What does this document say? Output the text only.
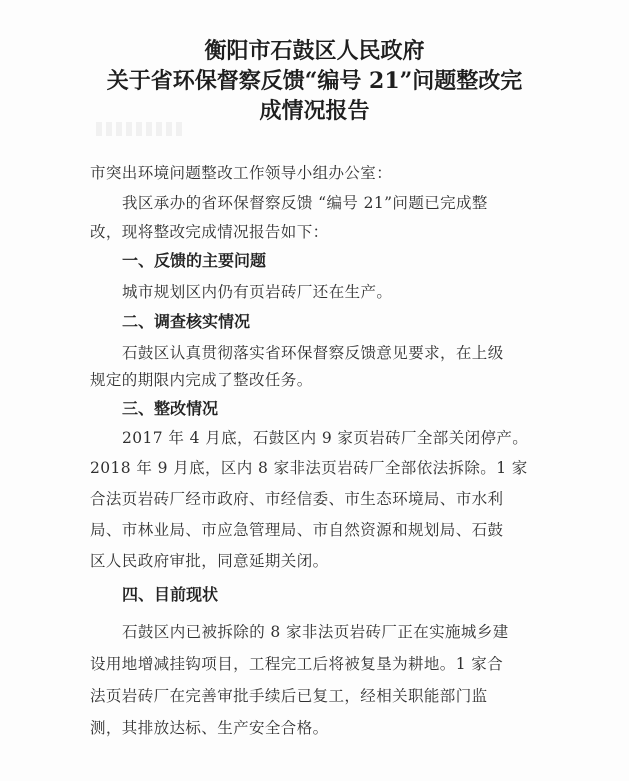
衡阳市石鼓区人民政府
关于省环保督察反馈“编号 21”问题整改完
成情况报告
市突出环境问题整改工作领导小组办公室：
我区承办的省环保督察反馈 “编号 21”问题已完成整
改，现将整改完成情况报告如下：
一、反馈的主要问题
城市规划区内仍有页岩砖厂还在生产。
二、调查核实情况
石鼓区认真贯彻落实省环保督察反馈意见要求，在上级
规定的期限内完成了整改任务。
三、整改情况
2017 年 4 月底，石鼓区内 9 家页岩砖厂全部关闭停产。
2018 年 9 月底，区内 8 家非法页岩砖厂全部依法拆除。1 家
合法页岩砖厂经市政府、市经信委、市生态环境局、市水利
局、市林业局、市应急管理局、市自然资源和规划局、石鼓
区人民政府审批，同意延期关闭。
四、目前现状
石鼓区内已被拆除的 8 家非法页岩砖厂正在实施城乡建
设用地增减挂钩项目，工程完工后将被复垦为耕地。1 家合
法页岩砖厂在完善审批手续后已复工，经相关职能部门监
测，其排放达标、生产安全合格。
